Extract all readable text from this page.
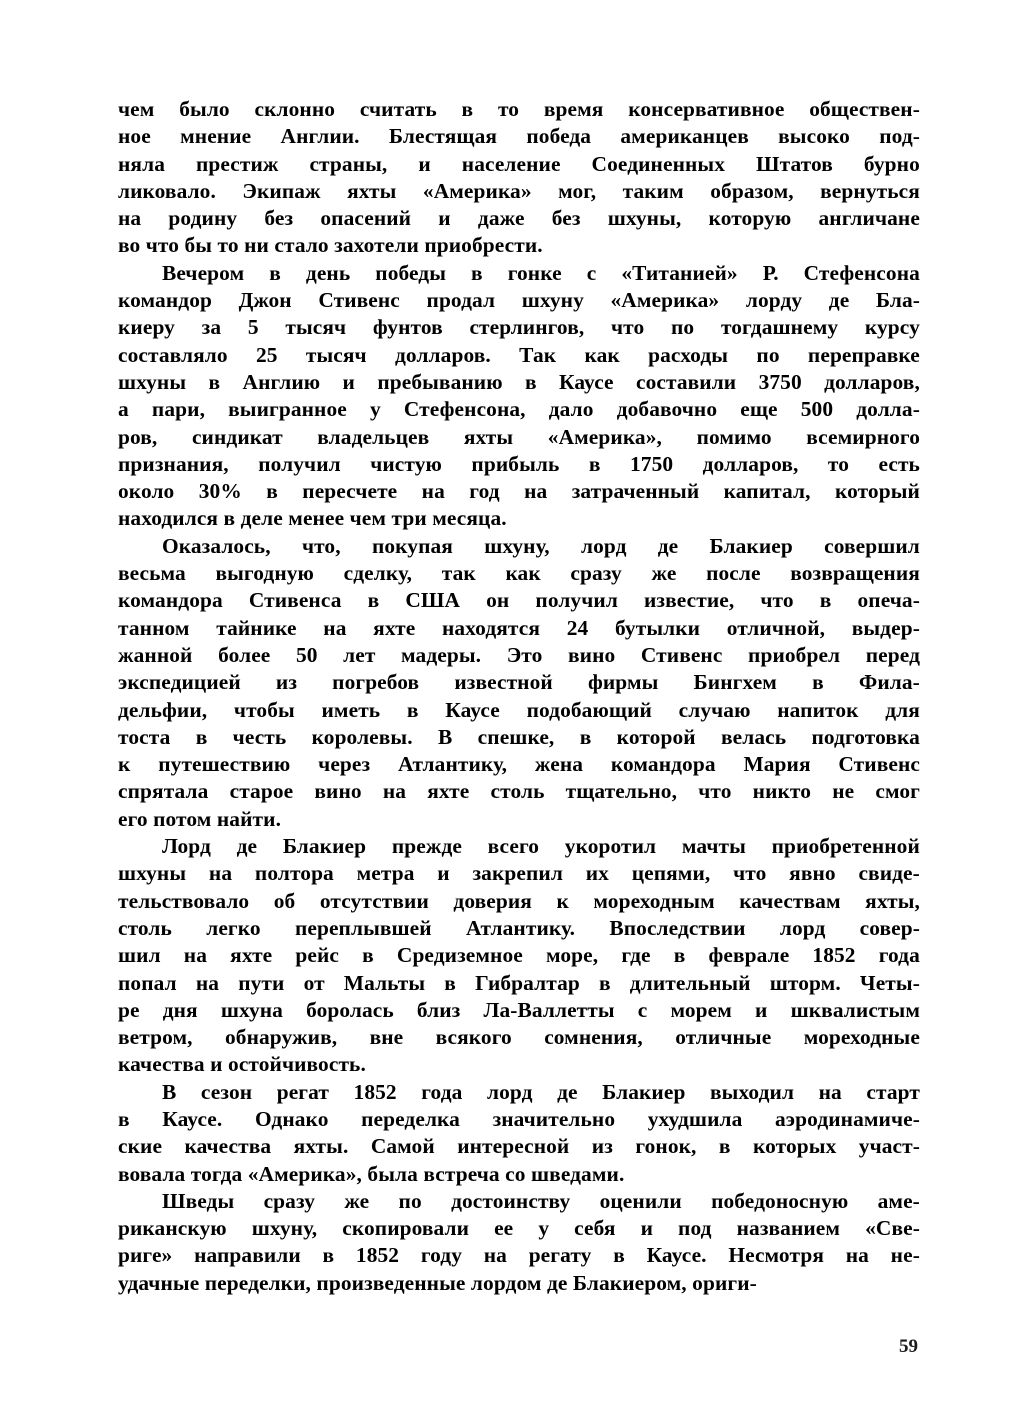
чем было склонно считать в то время консервативное обществен-
ное мнение Англии. Блестящая победа американцев высоко под-
няла престиж страны, и население Соединенных Штатов бурно
ликовало. Экипаж яхты «Америка» мог, таким образом, вернуться
на родину без опасений и даже без шхуны, которую англичане
во что бы то ни стало захотели приобрести.
Вечером в день победы в гонке с «Титанией» Р. Стефенсона
командор Джон Стивенс продал шхуну «Америка» лорду де Бла-
киеру за 5 тысяч фунтов стерлингов, что по тогдашнему курсу
составляло 25 тысяч долларов. Так как расходы по переправке
шхуны в Англию и пребыванию в Каусе составили 3750 долларов,
а пари, выигранное у Стефенсона, дало добавочно еще 500 долла-
ров, синдикат владельцев яхты «Америка», помимо всемирного
признания, получил чистую прибыль в 1750 долларов, то есть
около 30% в пересчете на год на затраченный капитал, который
находился в деле менее чем три месяца.
Оказалось, что, покупая шхуну, лорд де Блакиер совершил
весьма выгодную сделку, так как сразу же после возвращения
командора Стивенса в США он получил известие, что в опеча-
танном тайнике на яхте находятся 24 бутылки отличной, выдер-
жанной более 50 лет мадеры. Это вино Стивенс приобрел перед
экспедицией из погребов известной фирмы Бингхем в Фила-
дельфии, чтобы иметь в Каусе подобающий случаю напиток для
тоста в честь королевы. В спешке, в которой велась подготовка
к путешествию через Атлантику, жена командора Мария Стивенс
спрятала старое вино на яхте столь тщательно, что никто не смог
его потом найти.
Лорд де Блакиер прежде всего укоротил мачты приобретенной
шхуны на полтора метра и закрепил их цепями, что явно свиде-
тельствовало об отсутствии доверия к мореходным качествам яхты,
столь легко переплывшей Атлантику. Впоследствии лорд совер-
шил на яхте рейс в Средиземное море, где в феврале 1852 года
попал на пути от Мальты в Гибралтар в длительный шторм. Четы-
ре дня шхуна боролась близ Ла-Валлетты с морем и шквалистым
ветром, обнаружив, вне всякого сомнения, отличные мореходные
качества и остойчивость.
В сезон регат 1852 года лорд де Блакиер выходил на старт
в Каусе. Однако переделка значительно ухудшила аэродинамиче-
ские качества яхты. Самой интересной из гонок, в которых участ-
вовала тогда «Америка», была встреча со шведами.
Шведы сразу же по достоинству оценили победоносную аме-
риканскую шхуну, скопировали ее у себя и под названием «Све-
риге» направили в 1852 году на регату в Каусе. Несмотря на не-
удачные переделки, произведенные лордом де Блакиером, ориги-
59
